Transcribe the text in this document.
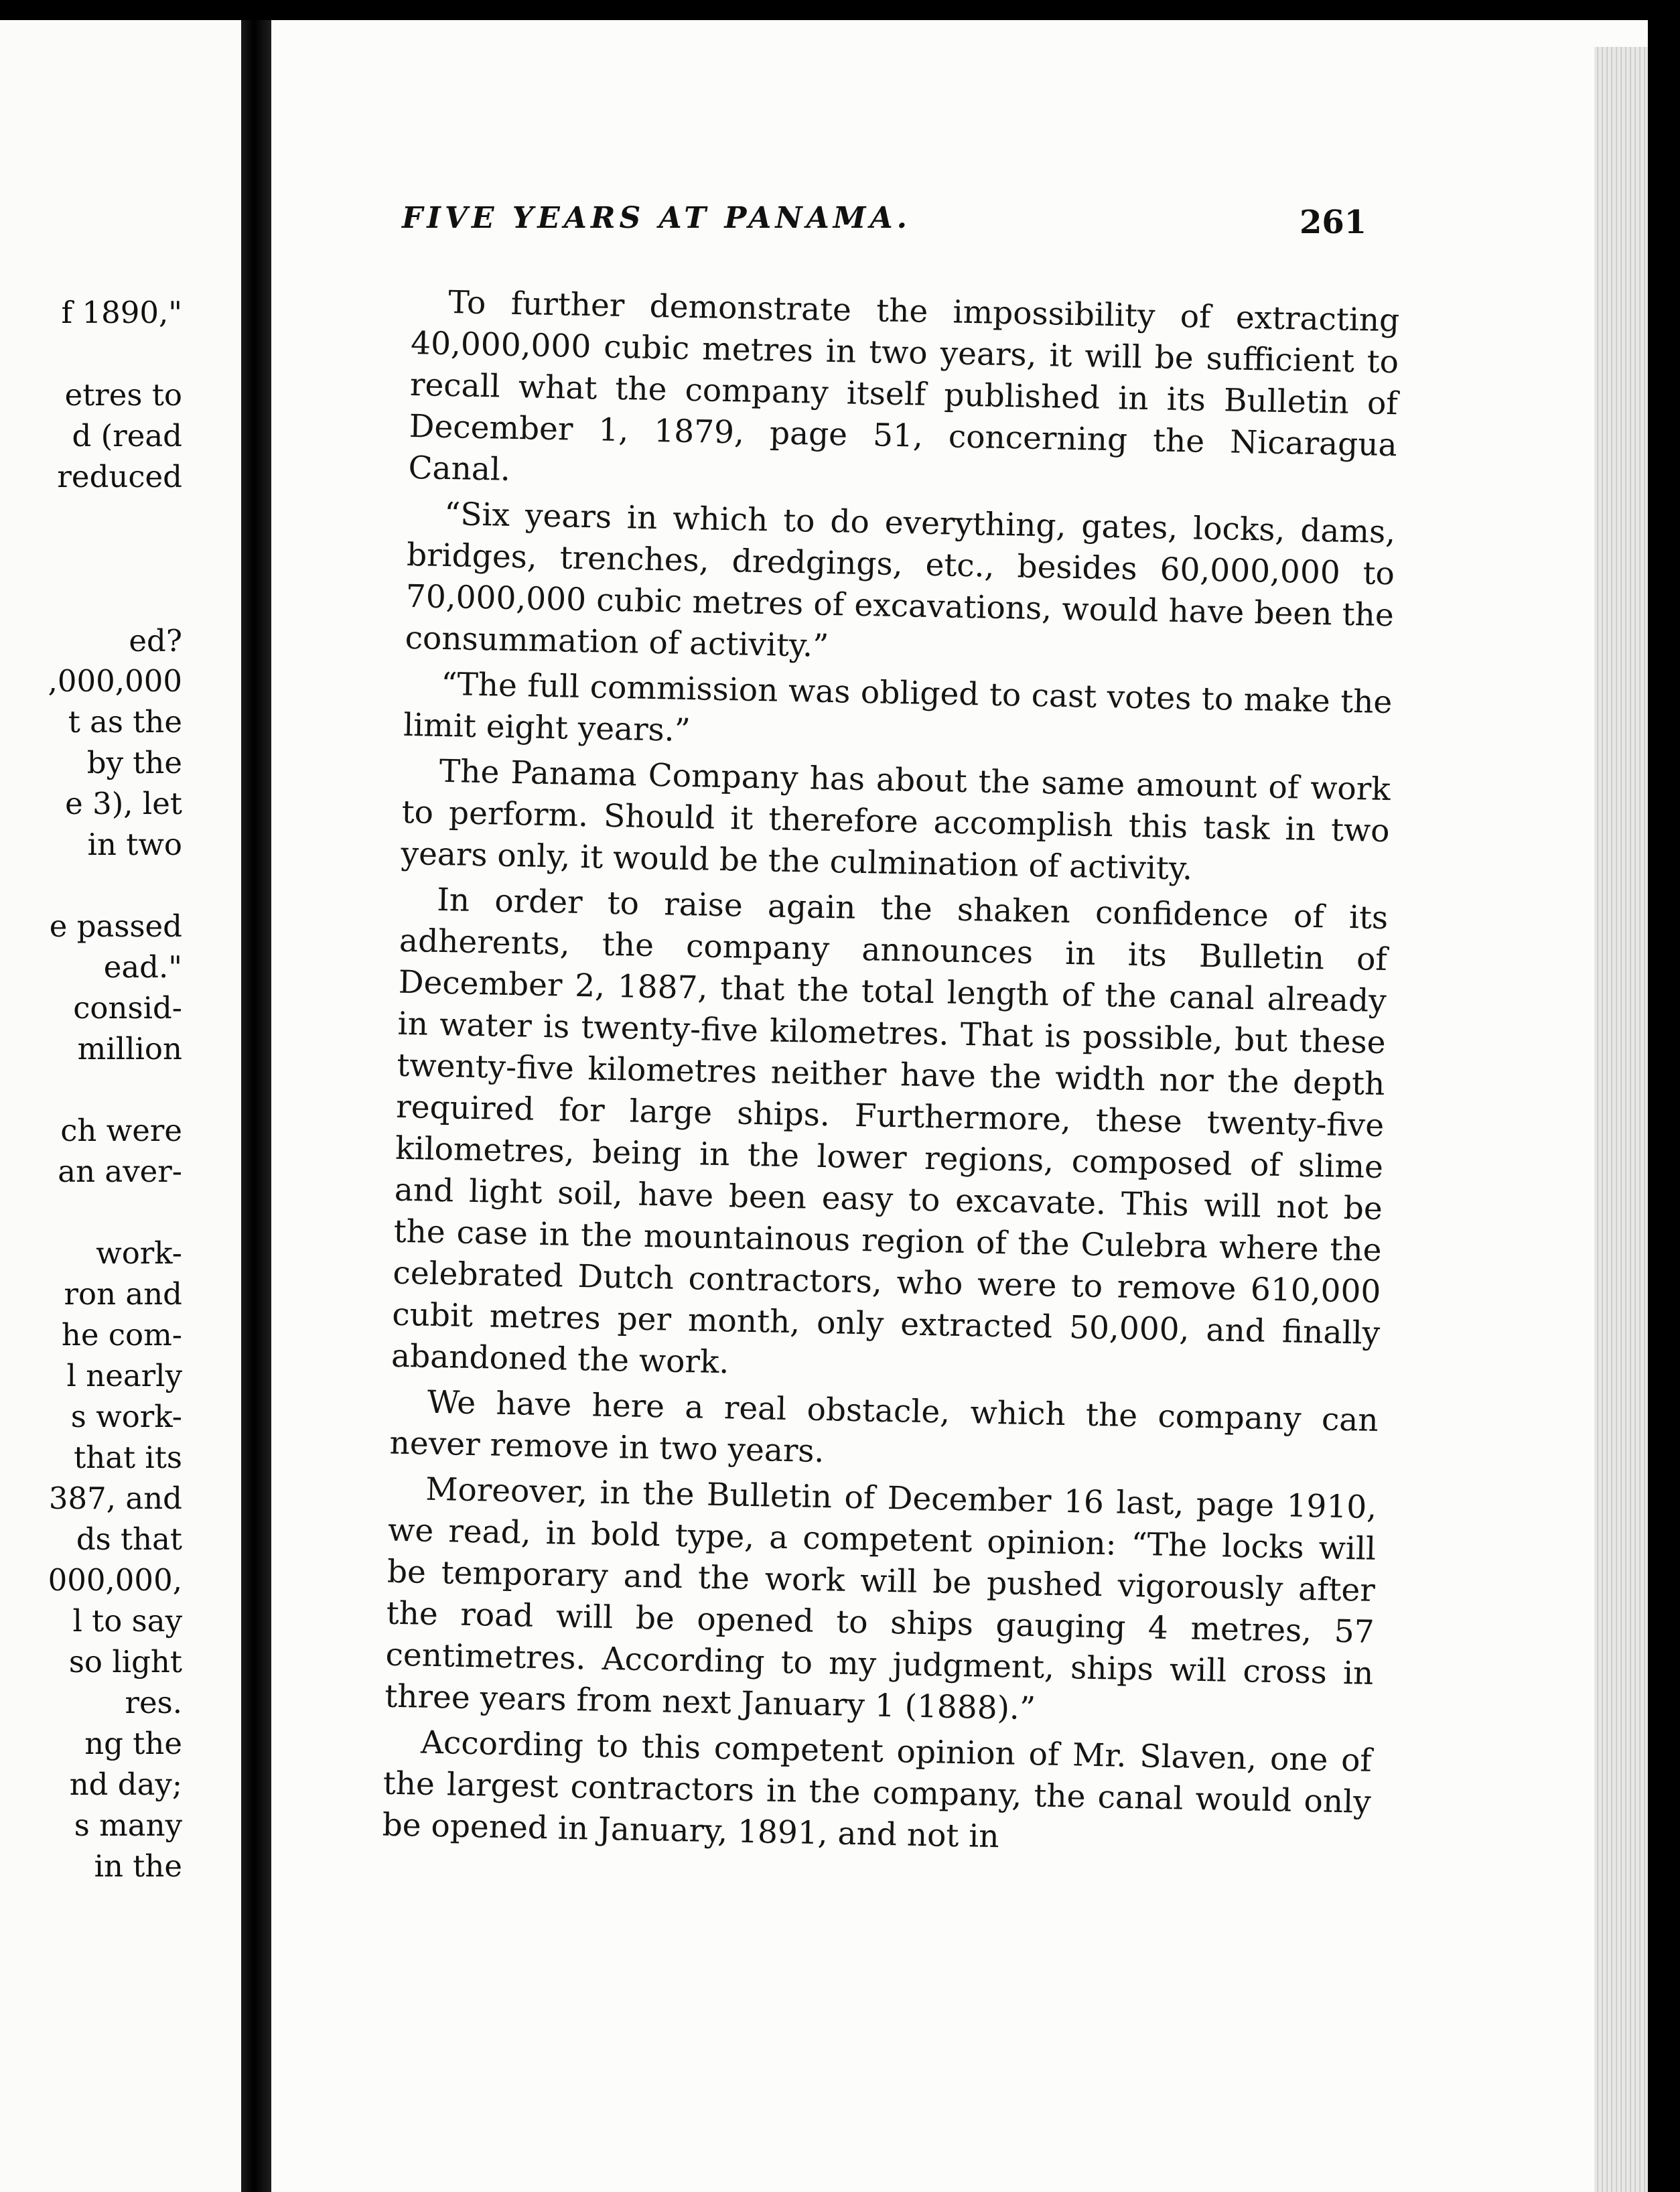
f 1890,"
etres to
d (read
reduced
ed?
,000,000
t as the
by the
e 3), let
in two
e passed
ead."
consid-
million
ch were
an aver-
work-
ron and
he com-
l nearly
s work-
that its
387, and
ds that
000,000,
l to say
so light
res.
ng the
nd day;
s many
in the
FIVE YEARS AT PANAMA.	261

To further demonstrate the impossibility of extracting 40,000,000 cubic metres in two years, it will be sufficient to recall what the company itself published in its Bulletin of December 1, 1879, page 51, concerning the Nicaragua Canal.

“Six years in which to do everything, gates, locks, dams, bridges, trenches, dredgings, etc., besides 60,000,000 to 70,000,000 cubic metres of excavations, would have been the consummation of activity.”

“The full commission was obliged to cast votes to make the limit eight years.”

The Panama Company has about the same amount of work to perform. Should it therefore accomplish this task in two years only, it would be the culmination of activity.

In order to raise again the shaken confidence of its adherents, the company announces in its Bulletin of December 2, 1887, that the total length of the canal already in water is twenty-five kilometres. That is possible, but these twenty-five kilometres neither have the width nor the depth required for large ships. Furthermore, these twenty-five kilometres, being in the lower regions, composed of slime and light soil, have been easy to excavate. This will not be the case in the mountainous region of the Culebra where the celebrated Dutch contractors, who were to remove 610,000 cubit metres per month, only extracted 50,000, and finally abandoned the work.

We have here a real obstacle, which the company can never remove in two years.

Moreover, in the Bulletin of December 16 last, page 1910, we read, in bold type, a competent opinion: “The locks will be temporary and the work will be pushed vigorously after the road will be opened to ships gauging 4 metres, 57 centimetres. According to my judgment, ships will cross in three years from next January 1 (1888).”

According to this competent opinion of Mr. Slaven, one of the largest contractors in the company, the canal would only be opened in January, 1891, and not in
